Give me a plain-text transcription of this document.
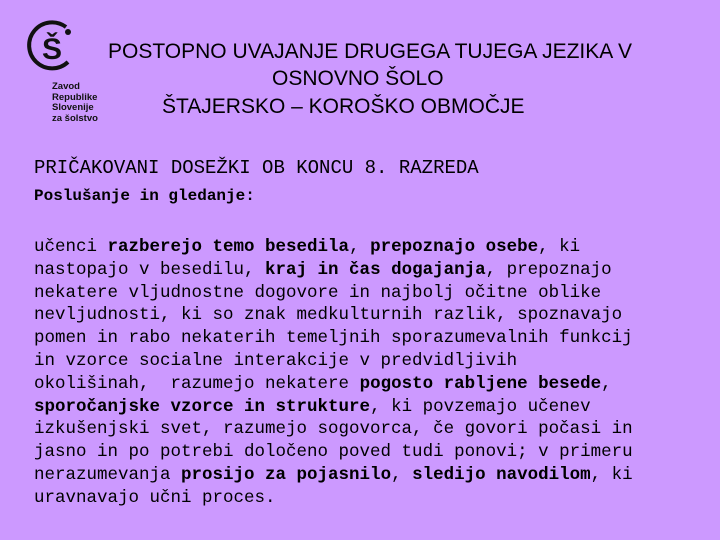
Š
Zavod
Republike
Slovenije
za šolstvo
POSTOPNO UVAJANJE DRUGEGA TUJEGA JEZIKA V
OSNOVNO ŠOLO
ŠTAJERSKO – KOROŠKO OBMOČJE
PRIČAKOVANI DOSEŽKI OB KONCU 8. RAZREDA
Poslušanje in gledanje:
učenci razberejo temo besedila, prepoznajo osebe, ki
nastopajo v besedilu, kraj in čas dogajanja, prepoznajo
nekatere vljudnostne dogovore in najbolj očitne oblike
nevljudnosti, ki so znak medkulturnih razlik, spoznavajo
pomen in rabo nekaterih temeljnih sporazumevalnih funkcij
in vzorce socialne interakcije v predvidljivih
okolišinah,  razumejo nekatere pogosto rabljene besede,
sporočanjske vzorce in strukture, ki povzemajo učenev
izkušenjski svet, razumejo sogovorca, če govori počasi in
jasno in po potrebi določeno poved tudi ponovi; v primeru
nerazumevanja prosijo za pojasnilo, sledijo navodilom, ki
uravnavajo učni proces.
